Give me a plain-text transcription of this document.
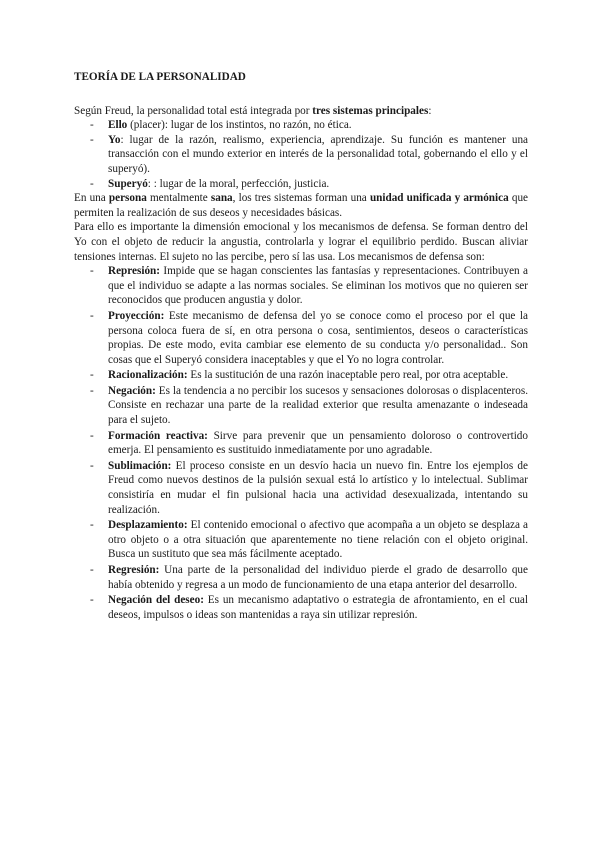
TEORÍA DE LA PERSONALIDAD

Según Freud, la personalidad total está integrada por tres sistemas principales:

- Ello (placer): lugar de los instintos, no razón, no ética.
- Yo: lugar de la razón, realismo, experiencia, aprendizaje. Su función es mantener una transacción con el mundo exterior en interés de la personalidad total, gobernando el ello y el superyó).
- Superyó: : lugar de la moral, perfección, justicia.

En una persona mentalmente sana, los tres sistemas forman una unidad unificada y armónica que permiten la realización de sus deseos y necesidades básicas.

Para ello es importante la dimensión emocional y los mecanismos de defensa. Se forman dentro del Yo con el objeto de reducir la angustia, controlarla y lograr el equilibrio perdido. Buscan aliviar tensiones internas. El sujeto no las percibe, pero sí las usa. Los mecanismos de defensa son:

- Represión: Impide que se hagan conscientes las fantasías y representaciones. Contribuyen a que el individuo se adapte a las normas sociales. Se eliminan los motivos que no quieren ser reconocidos que producen angustia y dolor.
- Proyección: Este mecanismo de defensa del yo se conoce como el proceso por el que la persona coloca fuera de sí, en otra persona o cosa, sentimientos, deseos o características propias. De este modo, evita cambiar ese elemento de su conducta y/o personalidad.. Son cosas que el Superyó considera inaceptables y que el Yo no logra controlar.
- Racionalización: Es la sustitución de una razón inaceptable pero real, por otra aceptable.
- Negación: Es la tendencia a no percibir los sucesos y sensaciones dolorosas o displacenteros. Consiste en rechazar una parte de la realidad exterior que resulta amenazante o indeseada para el sujeto.
- Formación reactiva: Sirve para prevenir que un pensamiento doloroso o controvertido emerja. El pensamiento es sustituido inmediatamente por uno agradable.
- Sublimación: El proceso consiste en un desvío hacia un nuevo fin. Entre los ejemplos de Freud como nuevos destinos de la pulsión sexual está lo artístico y lo intelectual. Sublimar consistiría en mudar el fin pulsional hacia una actividad desexualizada, intentando su realización.
- Desplazamiento: El contenido emocional o afectivo que acompaña a un objeto se desplaza a otro objeto o a otra situación que aparentemente no tiene relación con el objeto original. Busca un sustituto que sea más fácilmente aceptado.
- Regresión: Una parte de la personalidad del individuo pierde el grado de desarrollo que había obtenido y regresa a un modo de funcionamiento de una etapa anterior del desarrollo.
- Negación del deseo: Es un mecanismo adaptativo o estrategia de afrontamiento, en el cual deseos, impulsos o ideas son mantenidas a raya sin utilizar represión.
